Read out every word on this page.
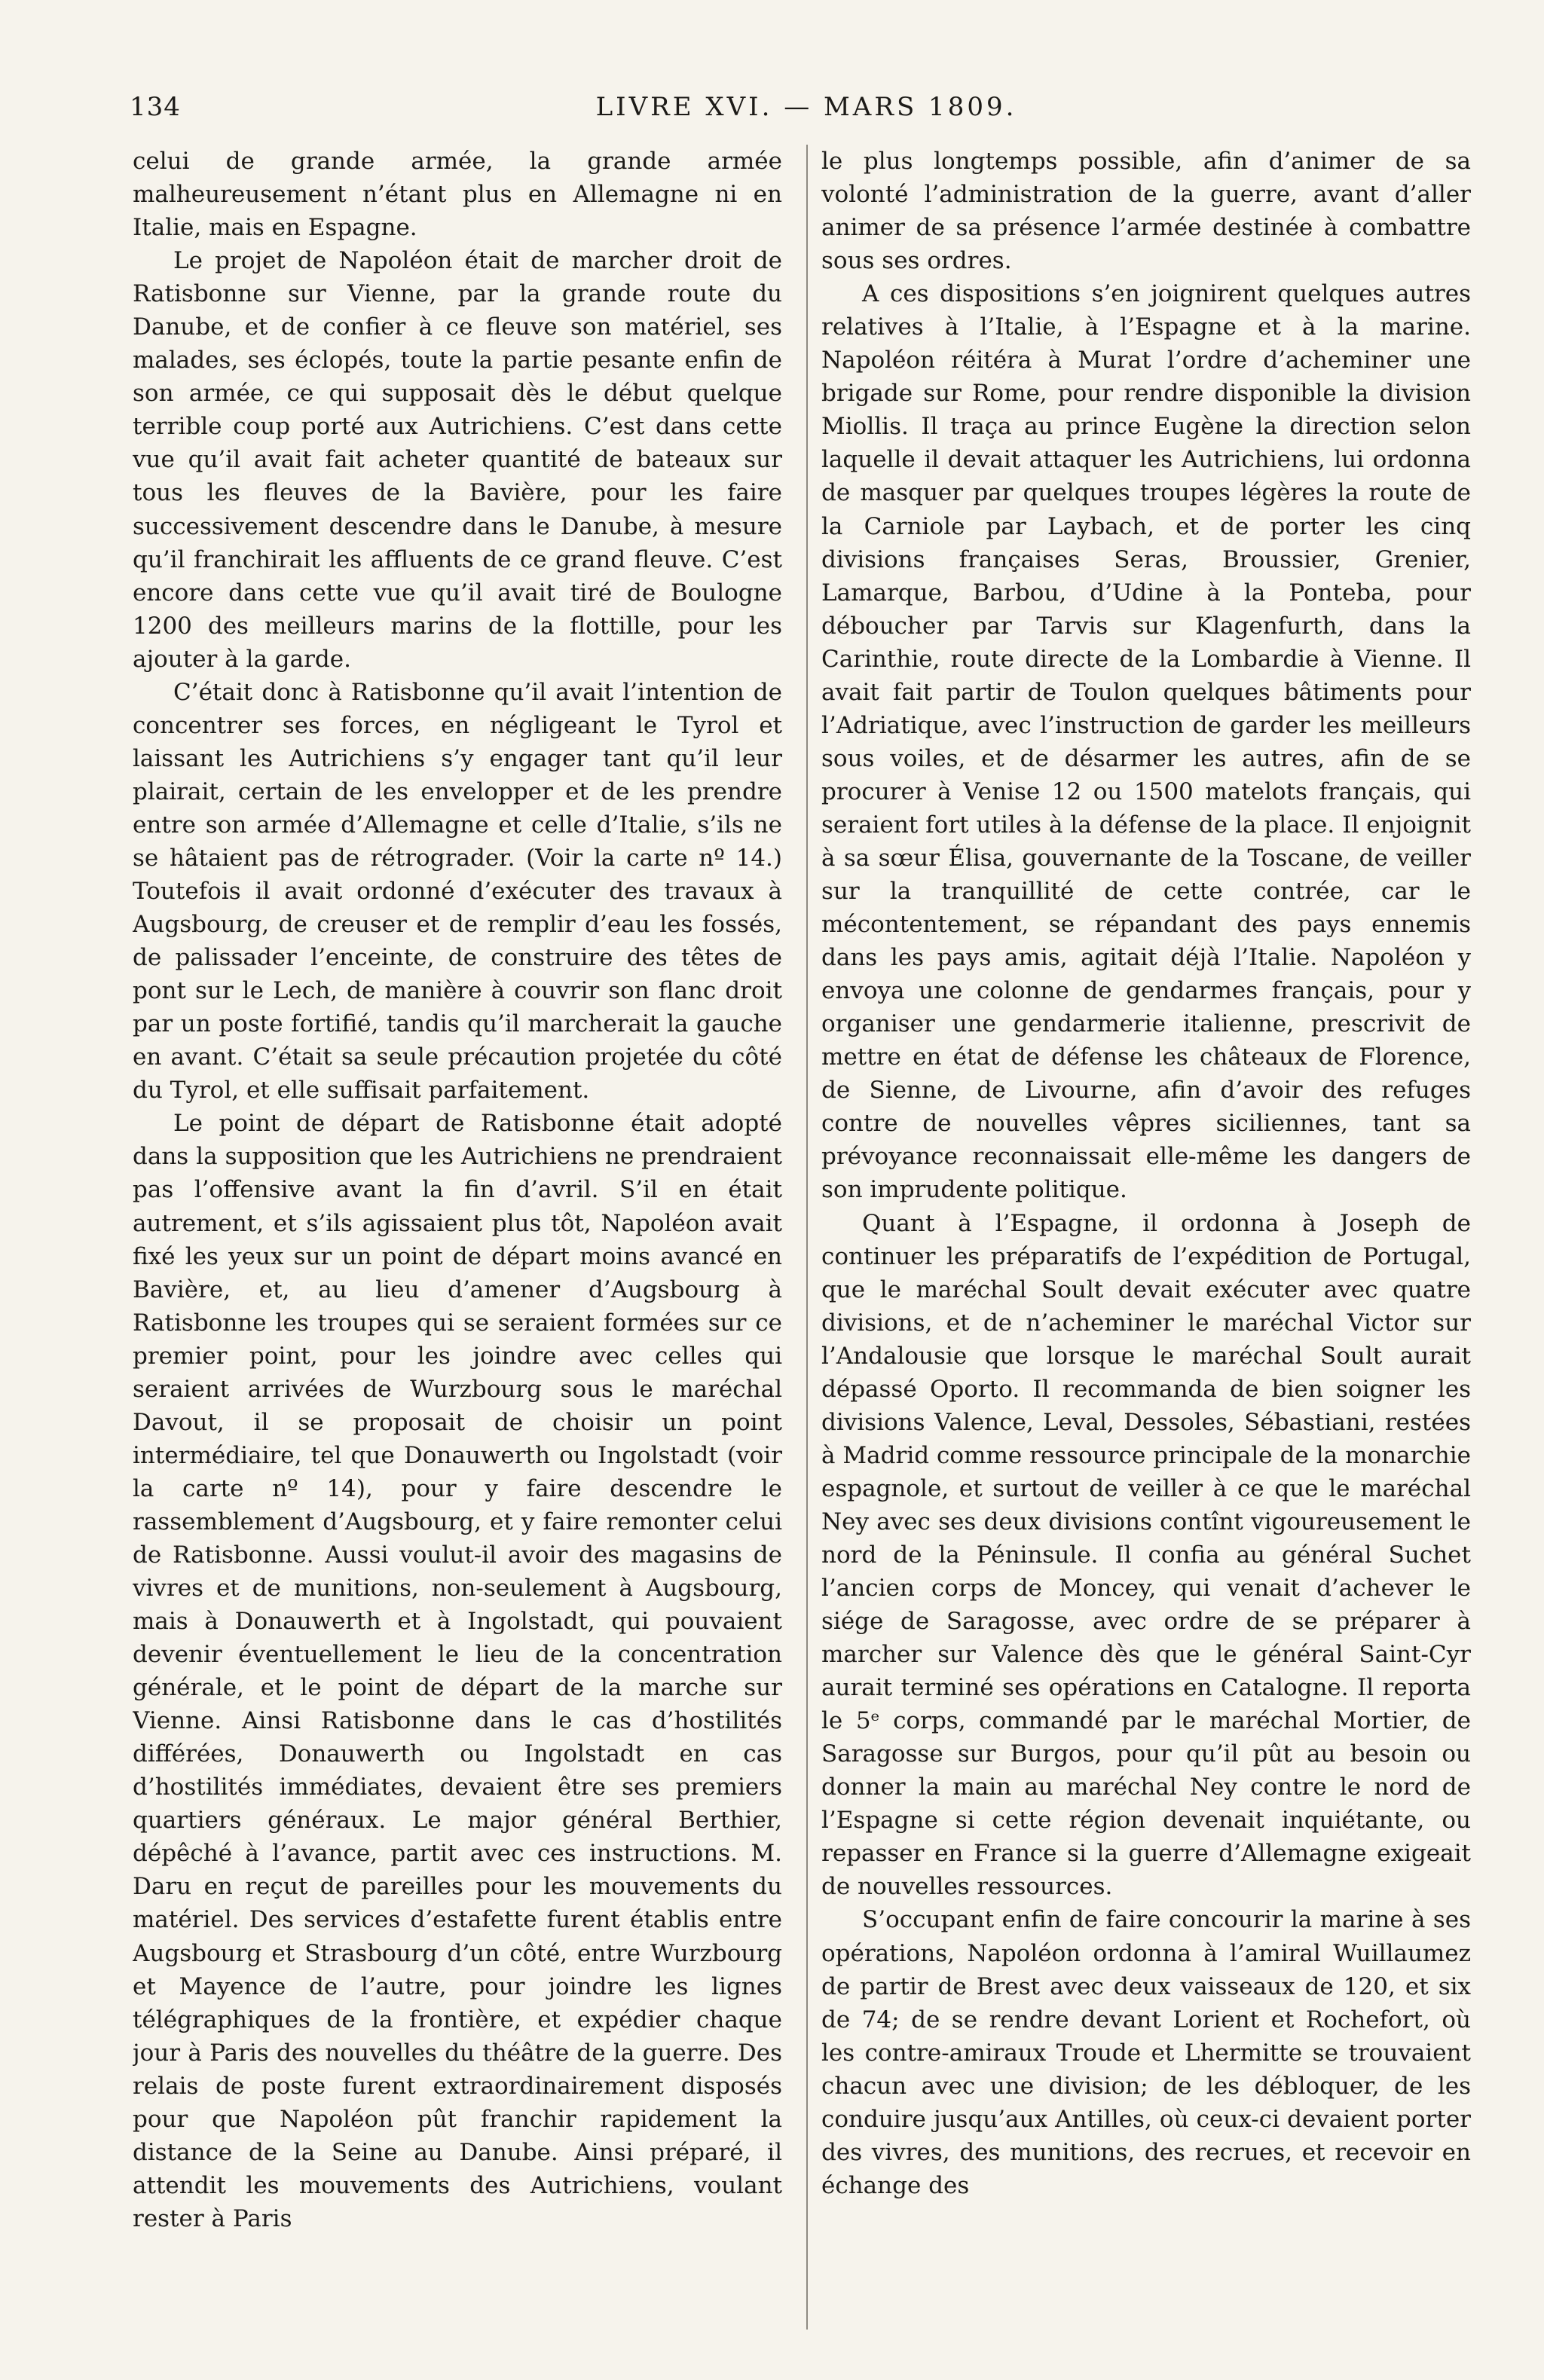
134	LIVRE XVI. — MARS 1809.

celui de grande armée, la grande armée malheureusement n’étant plus en Allemagne ni en Italie, mais en Espagne.

Le projet de Napoléon était de marcher droit de Ratisbonne sur Vienne, par la grande route du Danube, et de confier à ce fleuve son matériel, ses malades, ses éclopés, toute la partie pesante enfin de son armée, ce qui supposait dès le début quelque terrible coup porté aux Autrichiens. C’est dans cette vue qu’il avait fait acheter quantité de bateaux sur tous les fleuves de la Bavière, pour les faire successivement descendre dans le Danube, à mesure qu’il franchirait les affluents de ce grand fleuve. C’est encore dans cette vue qu’il avait tiré de Boulogne 1200 des meilleurs marins de la flottille, pour les ajouter à la garde.

C’était donc à Ratisbonne qu’il avait l’intention de concentrer ses forces, en négligeant le Tyrol et laissant les Autrichiens s’y engager tant qu’il leur plairait, certain de les envelopper et de les prendre entre son armée d’Allemagne et celle d’Italie, s’ils ne se hâtaient pas de rétrograder. (Voir la carte nº 14.) Toutefois il avait ordonné d’exécuter des travaux à Augsbourg, de creuser et de remplir d’eau les fossés, de palissader l’enceinte, de construire des têtes de pont sur le Lech, de manière à couvrir son flanc droit par un poste fortifié, tandis qu’il marcherait la gauche en avant. C’était sa seule précaution projetée du côté du Tyrol, et elle suffisait parfaitement.

Le point de départ de Ratisbonne était adopté dans la supposition que les Autrichiens ne prendraient pas l’offensive avant la fin d’avril. S’il en était autrement, et s’ils agissaient plus tôt, Napoléon avait fixé les yeux sur un point de départ moins avancé en Bavière, et, au lieu d’amener d’Augsbourg à Ratisbonne les troupes qui se seraient formées sur ce premier point, pour les joindre avec celles qui seraient arrivées de Wurzbourg sous le maréchal Davout, il se proposait de choisir un point intermédiaire, tel que Donauwerth ou Ingolstadt (voir la carte nº 14), pour y faire descendre le rassemblement d’Augsbourg, et y faire remonter celui de Ratisbonne. Aussi voulut-il avoir des magasins de vivres et de munitions, non-seulement à Augsbourg, mais à Donauwerth et à Ingolstadt, qui pouvaient devenir éventuellement le lieu de la concentration générale, et le point de départ de la marche sur Vienne. Ainsi Ratisbonne dans le cas d’hostilités différées, Donauwerth ou Ingolstadt en cas d’hostilités immédiates, devaient être ses premiers quartiers généraux. Le major général Berthier, dépêché à l’avance, partit avec ces instructions. M. Daru en reçut de pareilles pour les mouvements du matériel. Des services d’estafette furent établis entre Augsbourg et Strasbourg d’un côté, entre Wurzbourg et Mayence de l’autre, pour joindre les lignes télégraphiques de la frontière, et expédier chaque jour à Paris des nouvelles du théâtre de la guerre. Des relais de poste furent extraordinairement disposés pour que Napoléon pût franchir rapidement la distance de la Seine au Danube. Ainsi préparé, il attendit les mouvements des Autrichiens, voulant rester à Paris

le plus longtemps possible, afin d’animer de sa volonté l’administration de la guerre, avant d’aller animer de sa présence l’armée destinée à combattre sous ses ordres.

A ces dispositions s’en joignirent quelques autres relatives à l’Italie, à l’Espagne et à la marine. Napoléon réitéra à Murat l’ordre d’acheminer une brigade sur Rome, pour rendre disponible la division Miollis. Il traça au prince Eugène la direction selon laquelle il devait attaquer les Autrichiens, lui ordonna de masquer par quelques troupes légères la route de la Carniole par Laybach, et de porter les cinq divisions françaises Seras, Broussier, Grenier, Lamarque, Barbou, d’Udine à la Ponteba, pour déboucher par Tarvis sur Klagenfurth, dans la Carinthie, route directe de la Lombardie à Vienne. Il avait fait partir de Toulon quelques bâtiments pour l’Adriatique, avec l’instruction de garder les meilleurs sous voiles, et de désarmer les autres, afin de se procurer à Venise 12 ou 1500 matelots français, qui seraient fort utiles à la défense de la place. Il enjoignit à sa sœur Élisa, gouvernante de la Toscane, de veiller sur la tranquillité de cette contrée, car le mécontentement, se répandant des pays ennemis dans les pays amis, agitait déjà l’Italie. Napoléon y envoya une colonne de gendarmes français, pour y organiser une gendarmerie italienne, prescrivit de mettre en état de défense les châteaux de Florence, de Sienne, de Livourne, afin d’avoir des refuges contre de nouvelles vêpres siciliennes, tant sa prévoyance reconnaissait elle-même les dangers de son imprudente politique.

Quant à l’Espagne, il ordonna à Joseph de continuer les préparatifs de l’expédition de Portugal, que le maréchal Soult devait exécuter avec quatre divisions, et de n’acheminer le maréchal Victor sur l’Andalousie que lorsque le maréchal Soult aurait dépassé Oporto. Il recommanda de bien soigner les divisions Valence, Leval, Dessoles, Sébastiani, restées à Madrid comme ressource principale de la monarchie espagnole, et surtout de veiller à ce que le maréchal Ney avec ses deux divisions contînt vigoureusement le nord de la Péninsule. Il confia au général Suchet l’ancien corps de Moncey, qui venait d’achever le siége de Saragosse, avec ordre de se préparer à marcher sur Valence dès que le général Saint-Cyr aurait terminé ses opérations en Catalogne. Il reporta le 5ᵉ corps, commandé par le maréchal Mortier, de Saragosse sur Burgos, pour qu’il pût au besoin ou donner la main au maréchal Ney contre le nord de l’Espagne si cette région devenait inquiétante, ou repasser en France si la guerre d’Allemagne exigeait de nouvelles ressources.

S’occupant enfin de faire concourir la marine à ses opérations, Napoléon ordonna à l’amiral Wuillaumez de partir de Brest avec deux vaisseaux de 120, et six de 74; de se rendre devant Lorient et Rochefort, où les contre-amiraux Troude et Lhermitte se trouvaient chacun avec une division; de les débloquer, de les conduire jusqu’aux Antilles, où ceux-ci devaient porter des vivres, des munitions, des recrues, et recevoir en échange des
